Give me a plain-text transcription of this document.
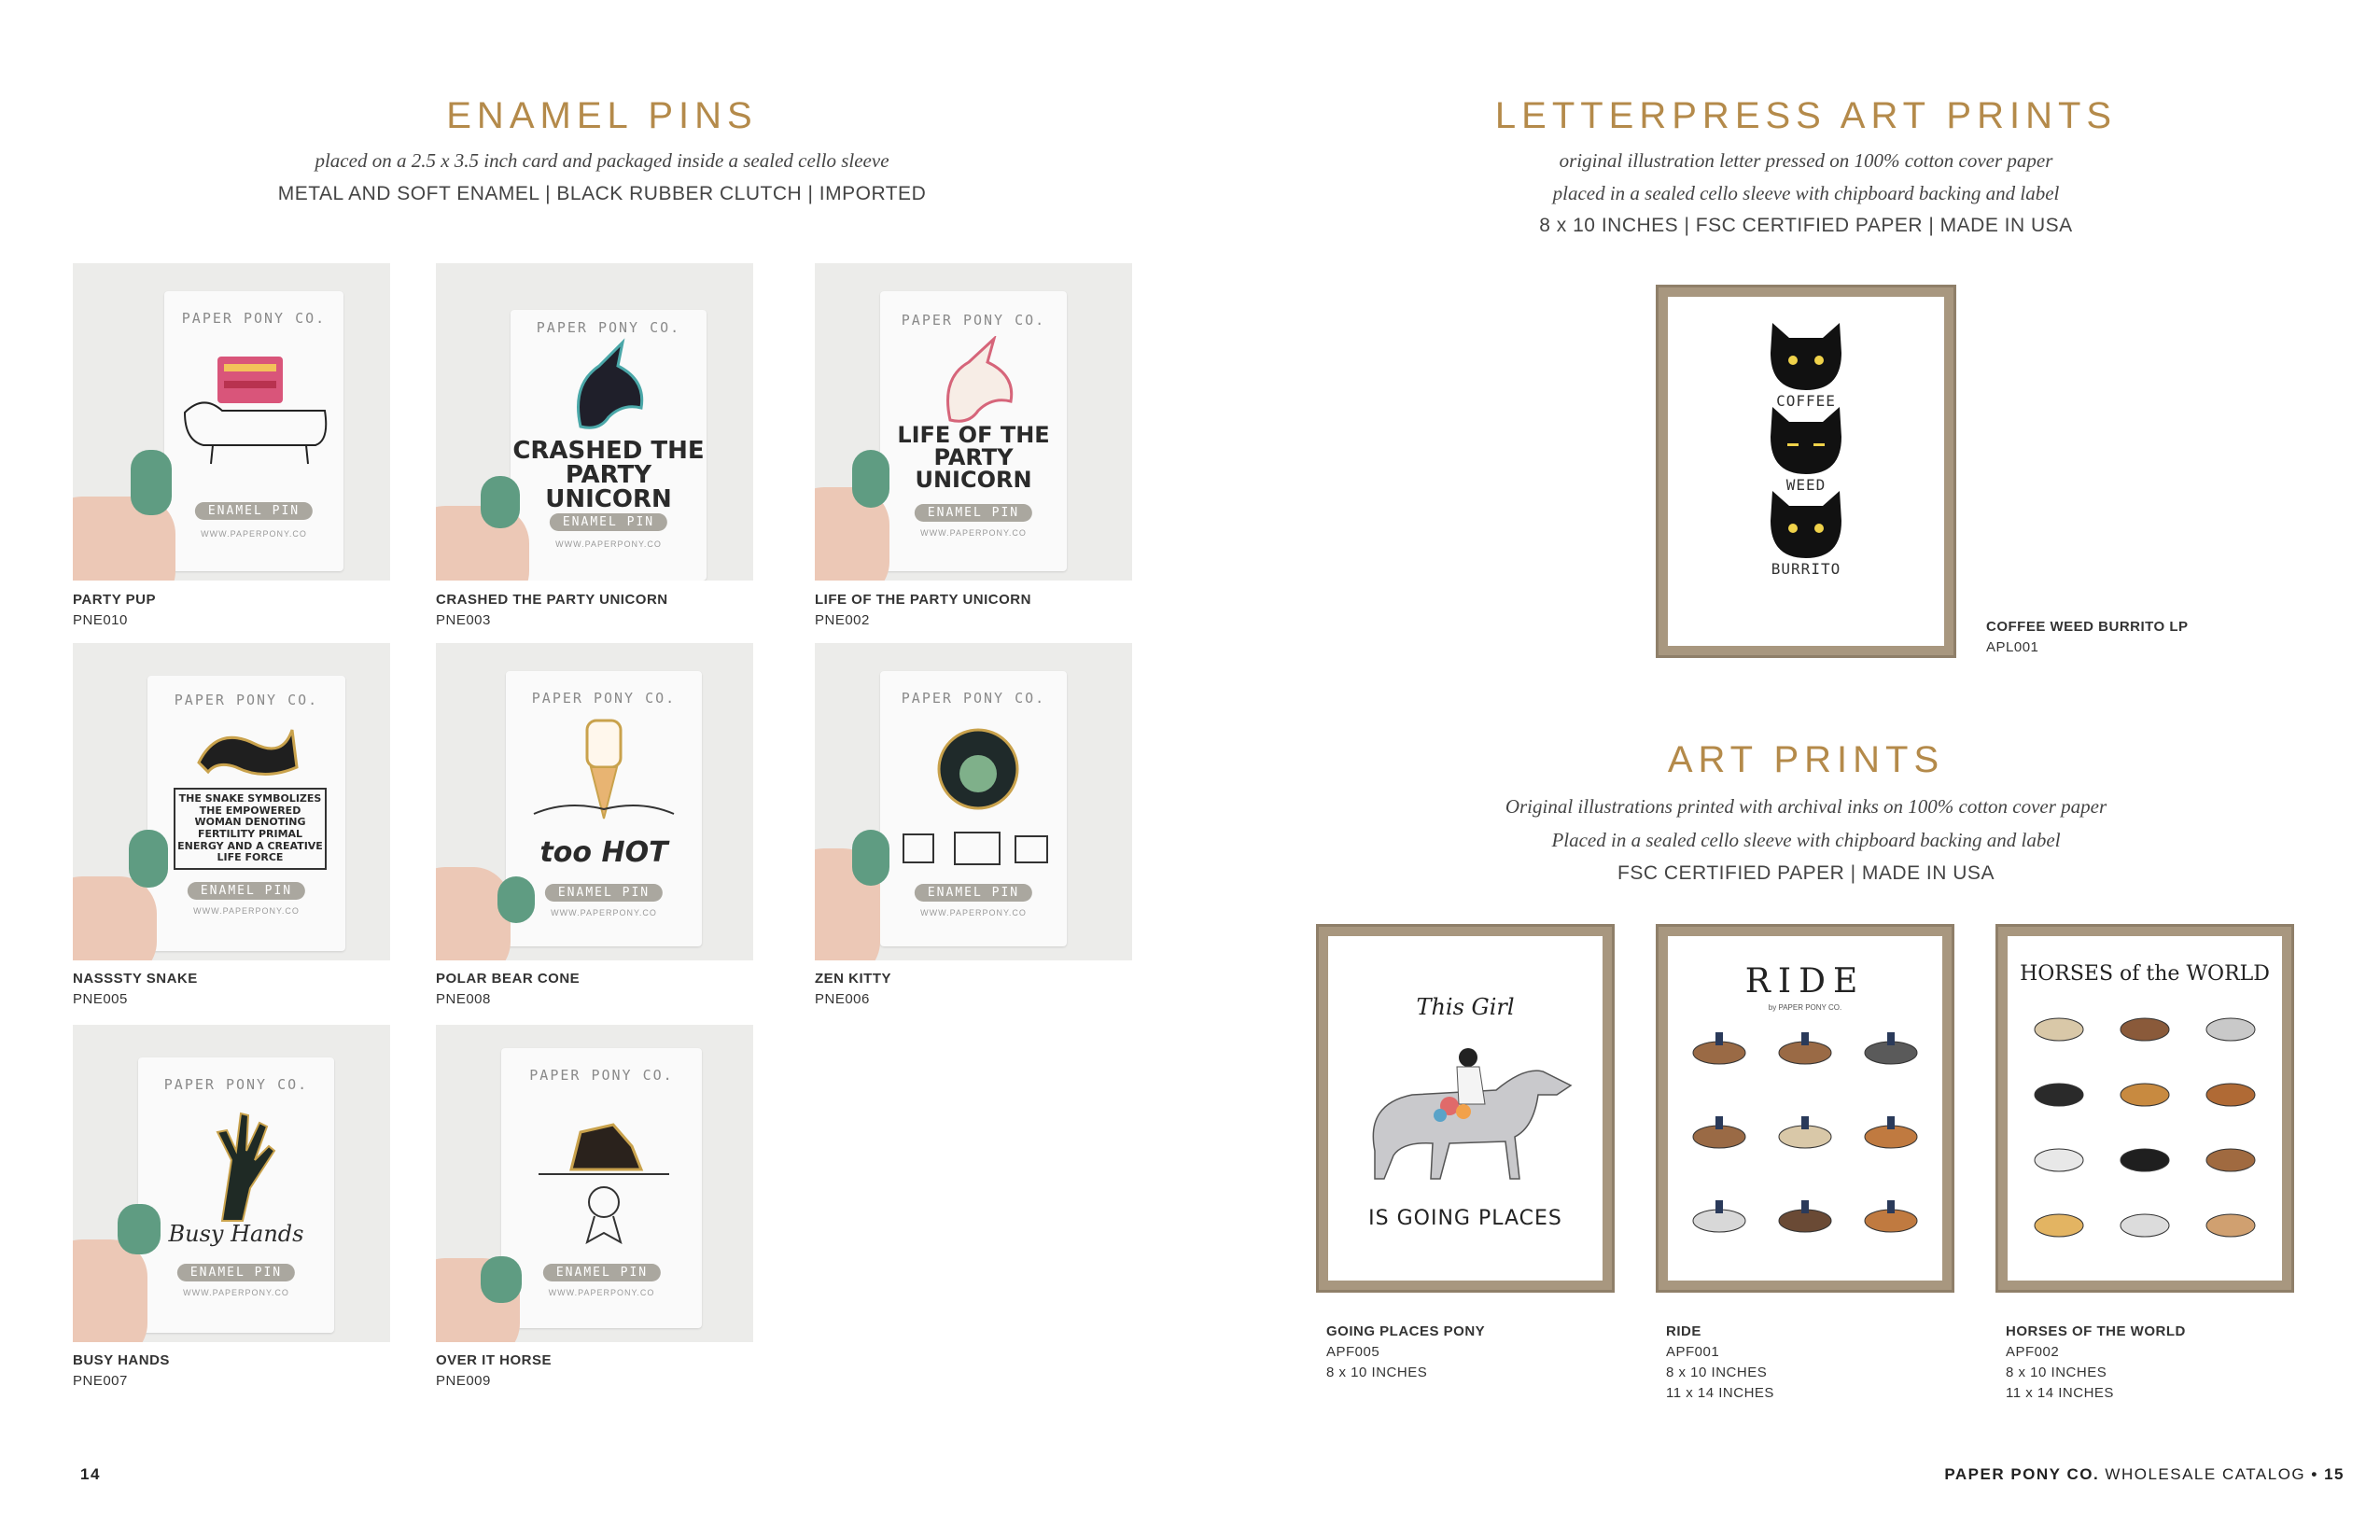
ENAMEL PINS
placed on a 2.5 x 3.5 inch card and packaged inside a sealed cello sleeve
METAL AND SOFT ENAMEL | BLACK RUBBER CLUTCH | IMPORTED
PAPER PONY CO.
ENAMEL PIN
WWW.PAPERPONY.CO
PARTY PUP
PNE010
PAPER PONY CO.
CRASHED THE PARTY UNICORN
ENAMEL PIN
WWW.PAPERPONY.CO
CRASHED THE PARTY UNICORN
PNE003
PAPER PONY CO.
LIFE OF THE PARTY UNICORN
ENAMEL PIN
WWW.PAPERPONY.CO
LIFE OF THE PARTY UNICORN
PNE002
PAPER PONY CO.
THE SNAKE SYMBOLIZES THE EMPOWERED WOMAN DENOTING FERTILITY PRIMAL ENERGY AND A CREATIVE LIFE FORCE
ENAMEL PIN
WWW.PAPERPONY.CO
NASSSTY SNAKE
PNE005
PAPER PONY CO.
too HOT
ENAMEL PIN
WWW.PAPERPONY.CO
POLAR BEAR CONE
PNE008
PAPER PONY CO.
ENAMEL PIN
WWW.PAPERPONY.CO
ZEN KITTY
PNE006
PAPER PONY CO.
Busy Hands
ENAMEL PIN
WWW.PAPERPONY.CO
BUSY HANDS
PNE007
PAPER PONY CO.
ENAMEL PIN
WWW.PAPERPONY.CO
OVER IT HORSE
PNE009
14
LETTERPRESS ART PRINTS
original illustration letter pressed on 100% cotton cover paper
placed in a sealed cello sleeve with chipboard backing and label
8 x 10 INCHES | FSC CERTIFIED PAPER | MADE IN USA
COFFEE
WEED
BURRITO
COFFEE WEED BURRITO LP
APL001
ART PRINTS
Original illustrations printed with archival inks on 100% cotton cover paper
Placed in a sealed cello sleeve with chipboard backing and label
FSC CERTIFIED PAPER | MADE IN USA
This Girl
IS GOING PLACES
GOING PLACES PONY
APF005
8 x 10 INCHES
RIDE
by PAPER PONY CO.
RIDE
APF001
8 x 10 INCHES
11 x 14 INCHES
HORSES of the WORLD
HORSES OF THE WORLD
APF002
8 x 10 INCHES
11 x 14 INCHES
PAPER PONY CO. WHOLESALE CATALOG • 15
